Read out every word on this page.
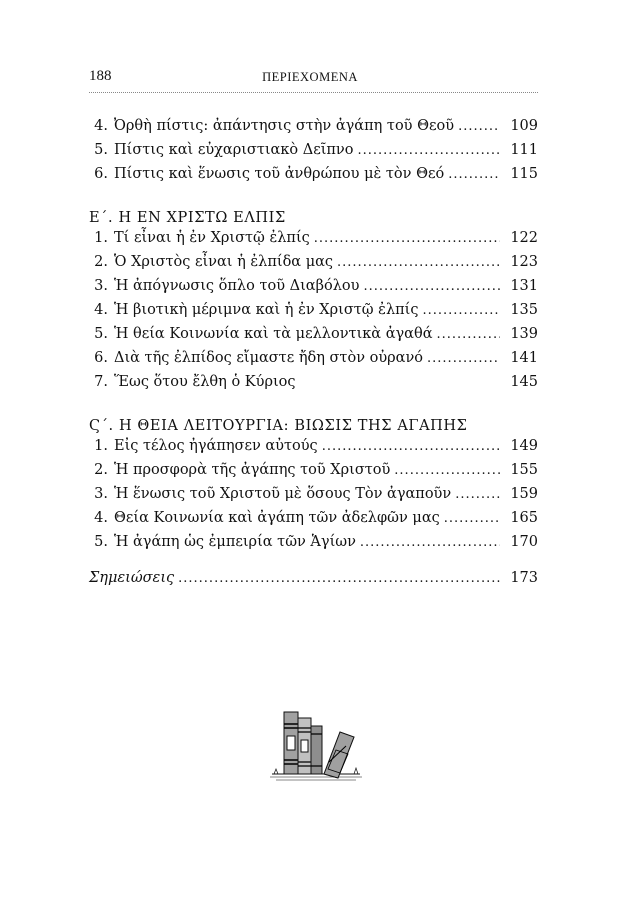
188	ΠΕΡΙΕΧΟΜΕΝΑ
4. Ὀρθὴ πίστις: ἀπάντησις στὴν ἀγάπη τοῦ Θεοῦ .....	109
5. Πίστις καὶ εὐχαριστιακὸ Δεῖπνο .....	111
6. Πίστις καὶ ἕνωσις τοῦ ἀνθρώπου μὲ τὸν Θεό .....	115
Ε΄. Η ΕΝ ΧΡΙΣΤΩ ΕΛΠΙΣ
1. Τί εἶναι ἡ ἐν Χριστῷ ἐλπίς .....	122
2. Ὁ Χριστὸς εἶναι ἡ ἐλπίδα μας .....	123
3. Ἡ ἀπόγνωσις ὅπλο τοῦ Διαβόλου .....	131
4. Ἡ βιοτικὴ μέριμνα καὶ ἡ ἐν Χριστῷ ἐλπίς .....	135
5. Ἡ θεία Κοινωνία καὶ τὰ μελλοντικὰ ἀγαθά .....	139
6. Διὰ τῆς ἐλπίδος εἴμαστε ἤδη στὸν οὐρανό .....	141
7. Ἕως ὅτου ἔλθη ὁ Κύριος	145
Ϛ΄. Η ΘΕΙΑ ΛΕΙΤΟΥΡΓΙΑ: ΒΙΩΣΙΣ ΤΗΣ ΑΓΑΠΗΣ
1. Εἰς τέλος ἠγάπησεν αὐτούς .....	149
2. Ἡ προσφορὰ τῆς ἀγάπης τοῦ Χριστοῦ .....	155
3. Ἡ ἕνωσις τοῦ Χριστοῦ μὲ ὅσους Τὸν ἀγαποῦν .....	159
4. Θεία Κοινωνία καὶ ἀγάπη τῶν ἀδελφῶν μας .....	165
5. Ἡ ἀγάπη ὡς ἐμπειρία τῶν Ἁγίων .....	170
Σημειώσεις .....	173
